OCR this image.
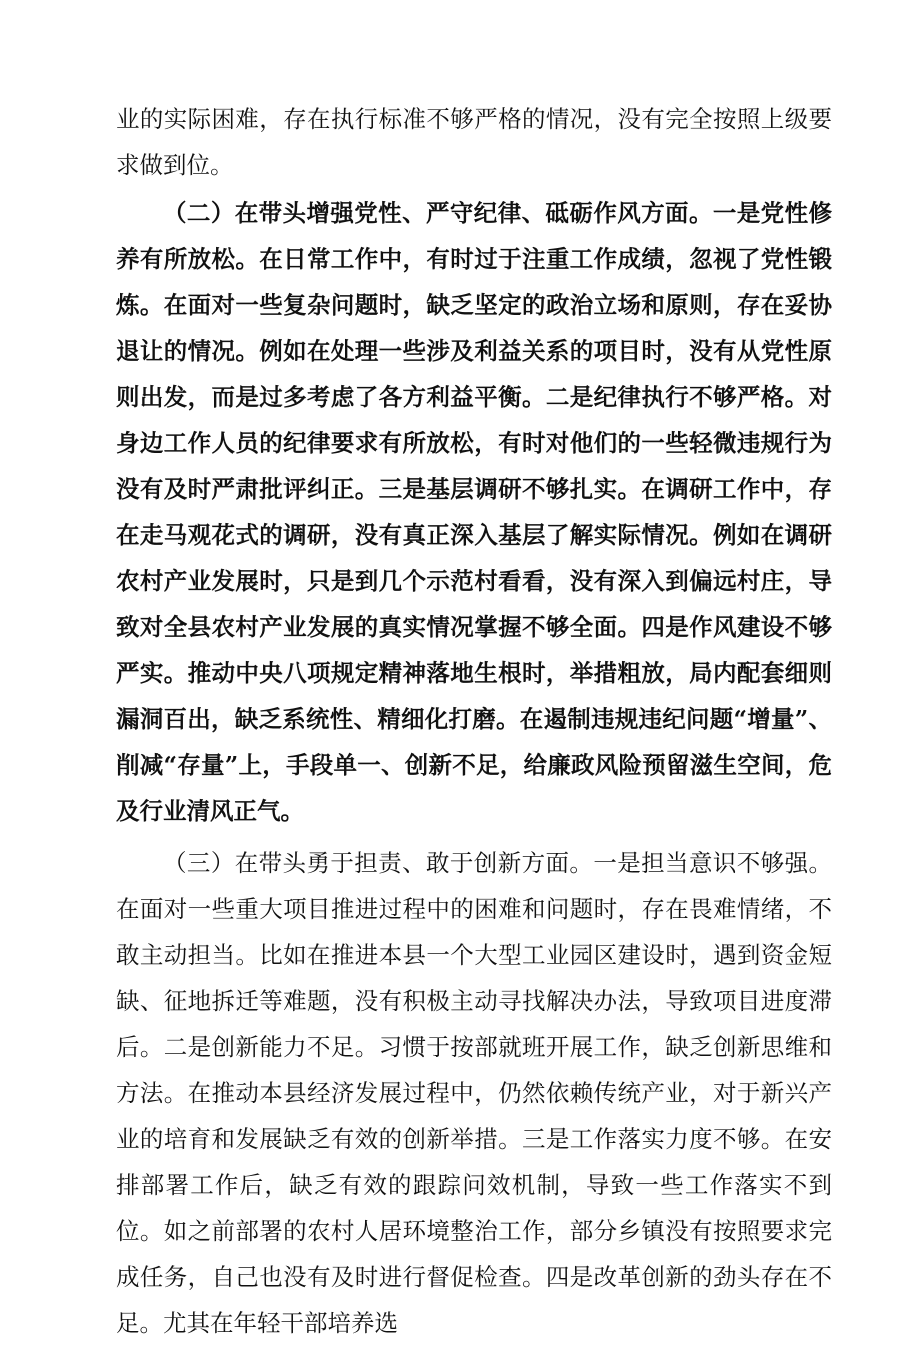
业的实际困难，存在执行标准不够严格的情况，没有完全按照上级要求做到位。

（二）在带头增强党性、严守纪律、砥砺作风方面。一是党性修养有所放松。在日常工作中，有时过于注重工作成绩，忽视了党性锻炼。在面对一些复杂问题时，缺乏坚定的政治立场和原则，存在妥协退让的情况。例如在处理一些涉及利益关系的项目时，没有从党性原则出发，而是过多考虑了各方利益平衡。二是纪律执行不够严格。对身边工作人员的纪律要求有所放松，有时对他们的一些轻微违规行为没有及时严肃批评纠正。三是基层调研不够扎实。在调研工作中，存在走马观花式的调研，没有真正深入基层了解实际情况。例如在调研农村产业发展时，只是到几个示范村看看，没有深入到偏远村庄，导致对全县农村产业发展的真实情况掌握不够全面。四是作风建设不够严实。推动中央八项规定精神落地生根时，举措粗放，局内配套细则漏洞百出，缺乏系统性、精细化打磨。在遏制违规违纪问题“增量”、削减“存量”上，手段单一、创新不足，给廉政风险预留滋生空间，危及行业清风正气。

（三）在带头勇于担责、敢于创新方面。一是担当意识不够强。在面对一些重大项目推进过程中的困难和问题时，存在畏难情绪，不敢主动担当。比如在推进本县一个大型工业园区建设时，遇到资金短缺、征地拆迁等难题，没有积极主动寻找解决办法，导致项目进度滞后。二是创新能力不足。习惯于按部就班开展工作，缺乏创新思维和方法。在推动本县经济发展过程中，仍然依赖传统产业，对于新兴产业的培育和发展缺乏有效的创新举措。三是工作落实力度不够。在安排部署工作后，缺乏有效的跟踪问效机制，导致一些工作落实不到位。如之前部署的农村人居环境整治工作，部分乡镇没有按照要求完成任务，自己也没有及时进行督促检查。四是改革创新的劲头存在不足。尤其在年轻干部培养选
